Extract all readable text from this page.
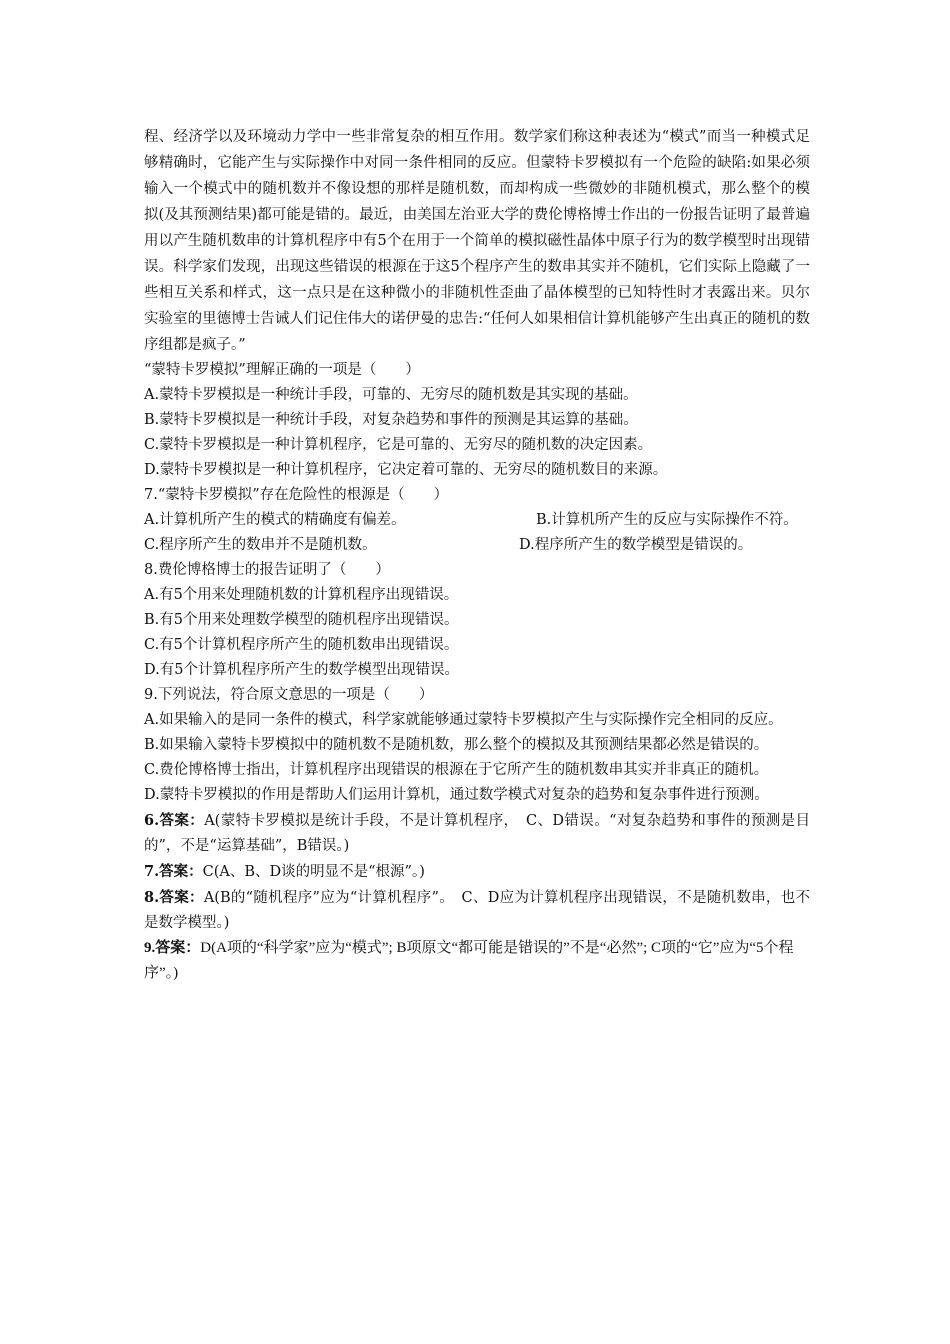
程、经济学以及环境动力学中一些非常复杂的相互作用。数学家们称这种表述为“模式”而当一种模式足够精确时，它能产生与实际操作中对同一条件相同的反应。但蒙特卡罗模拟有一个危险的缺陷:如果必须输入一个模式中的随机数并不像设想的那样是随机数，而却构成一些微妙的非随机模式，那么整个的模拟(及其预测结果)都可能是错的。最近，由美国左治亚大学的费伦博格博士作出的一份报告证明了最普遍用以产生随机数串的计算机程序中有5个在用于一个简单的模拟磁性晶体中原子行为的数学模型时出现错误。科学家们发现，出现这些错误的根源在于这5个程序产生的数串其实并不随机，它们实际上隐藏了一些相互关系和样式，这一点只是在这种微小的非随机性歪曲了晶体模型的已知特性时才表露出来。贝尔实验室的里德博士告诫人们记住伟大的诺伊曼的忠告:“任何人如果相信计算机能够产生出真正的随机的数序组都是疯子。”

“蒙特卡罗模拟”理解正确的一项是（　　）

A.蒙特卡罗模拟是一种统计手段，可靠的、无穷尽的随机数是其实现的基础。

B.蒙特卡罗模拟是一种统计手段，对复杂趋势和事件的预测是其运算的基础。

C.蒙特卡罗模拟是一种计算机程序，它是可靠的、无穷尽的随机数的决定因素。

D.蒙特卡罗模拟是一种计算机程序，它决定着可靠的、无穷尽的随机数目的来源。

7.“蒙特卡罗模拟”存在危险性的根源是（　　）

A.计算机所产生的模式的精确度有偏差。	B.计算机所产生的反应与实际操作不符。
C.程序所产生的数串并不是随机数。	D.程序所产生的数学模型是错误的。

8.费伦博格博士的报告证明了（　　）

A.有5个用来处理随机数的计算机程序出现错误。

B.有5个用来处理数学模型的随机程序出现错误。

C.有5个计算机程序所产生的随机数串出现错误。

D.有5个计算机程序所产生的数学模型出现错误。

9.下列说法，符合原文意思的一项是（　　）

A.如果输入的是同一条件的模式，科学家就能够通过蒙特卡罗模拟产生与实际操作完全相同的反应。

B.如果输入蒙特卡罗模拟中的随机数不是随机数，那么整个的模拟及其预测结果都必然是错误的。

C.费伦博格博士指出，计算机程序出现错误的根源在于它所产生的随机数串其实并非真正的随机。

D.蒙特卡罗模拟的作用是帮助人们运用计算机，通过数学模式对复杂的趋势和复杂事件进行预测。

6.答案：A(蒙特卡罗模拟是统计手段，不是计算机程序，　C、D错误。“对复杂趋势和事件的预测是目的”，不是“运算基础”，B错误。)

7.答案：C(A、B、D谈的明显不是“根源”。)

8.答案：A(B的“随机程序”应为“计算机程序”。　C、D应为计算机程序出现错误，不是随机数串，也不是数学模型。)

9.答案：D(A项的“科学家”应为“模式”; B项原文“都可能是错误的”不是“必然”; C项的“它”应为“5个程序”。)
